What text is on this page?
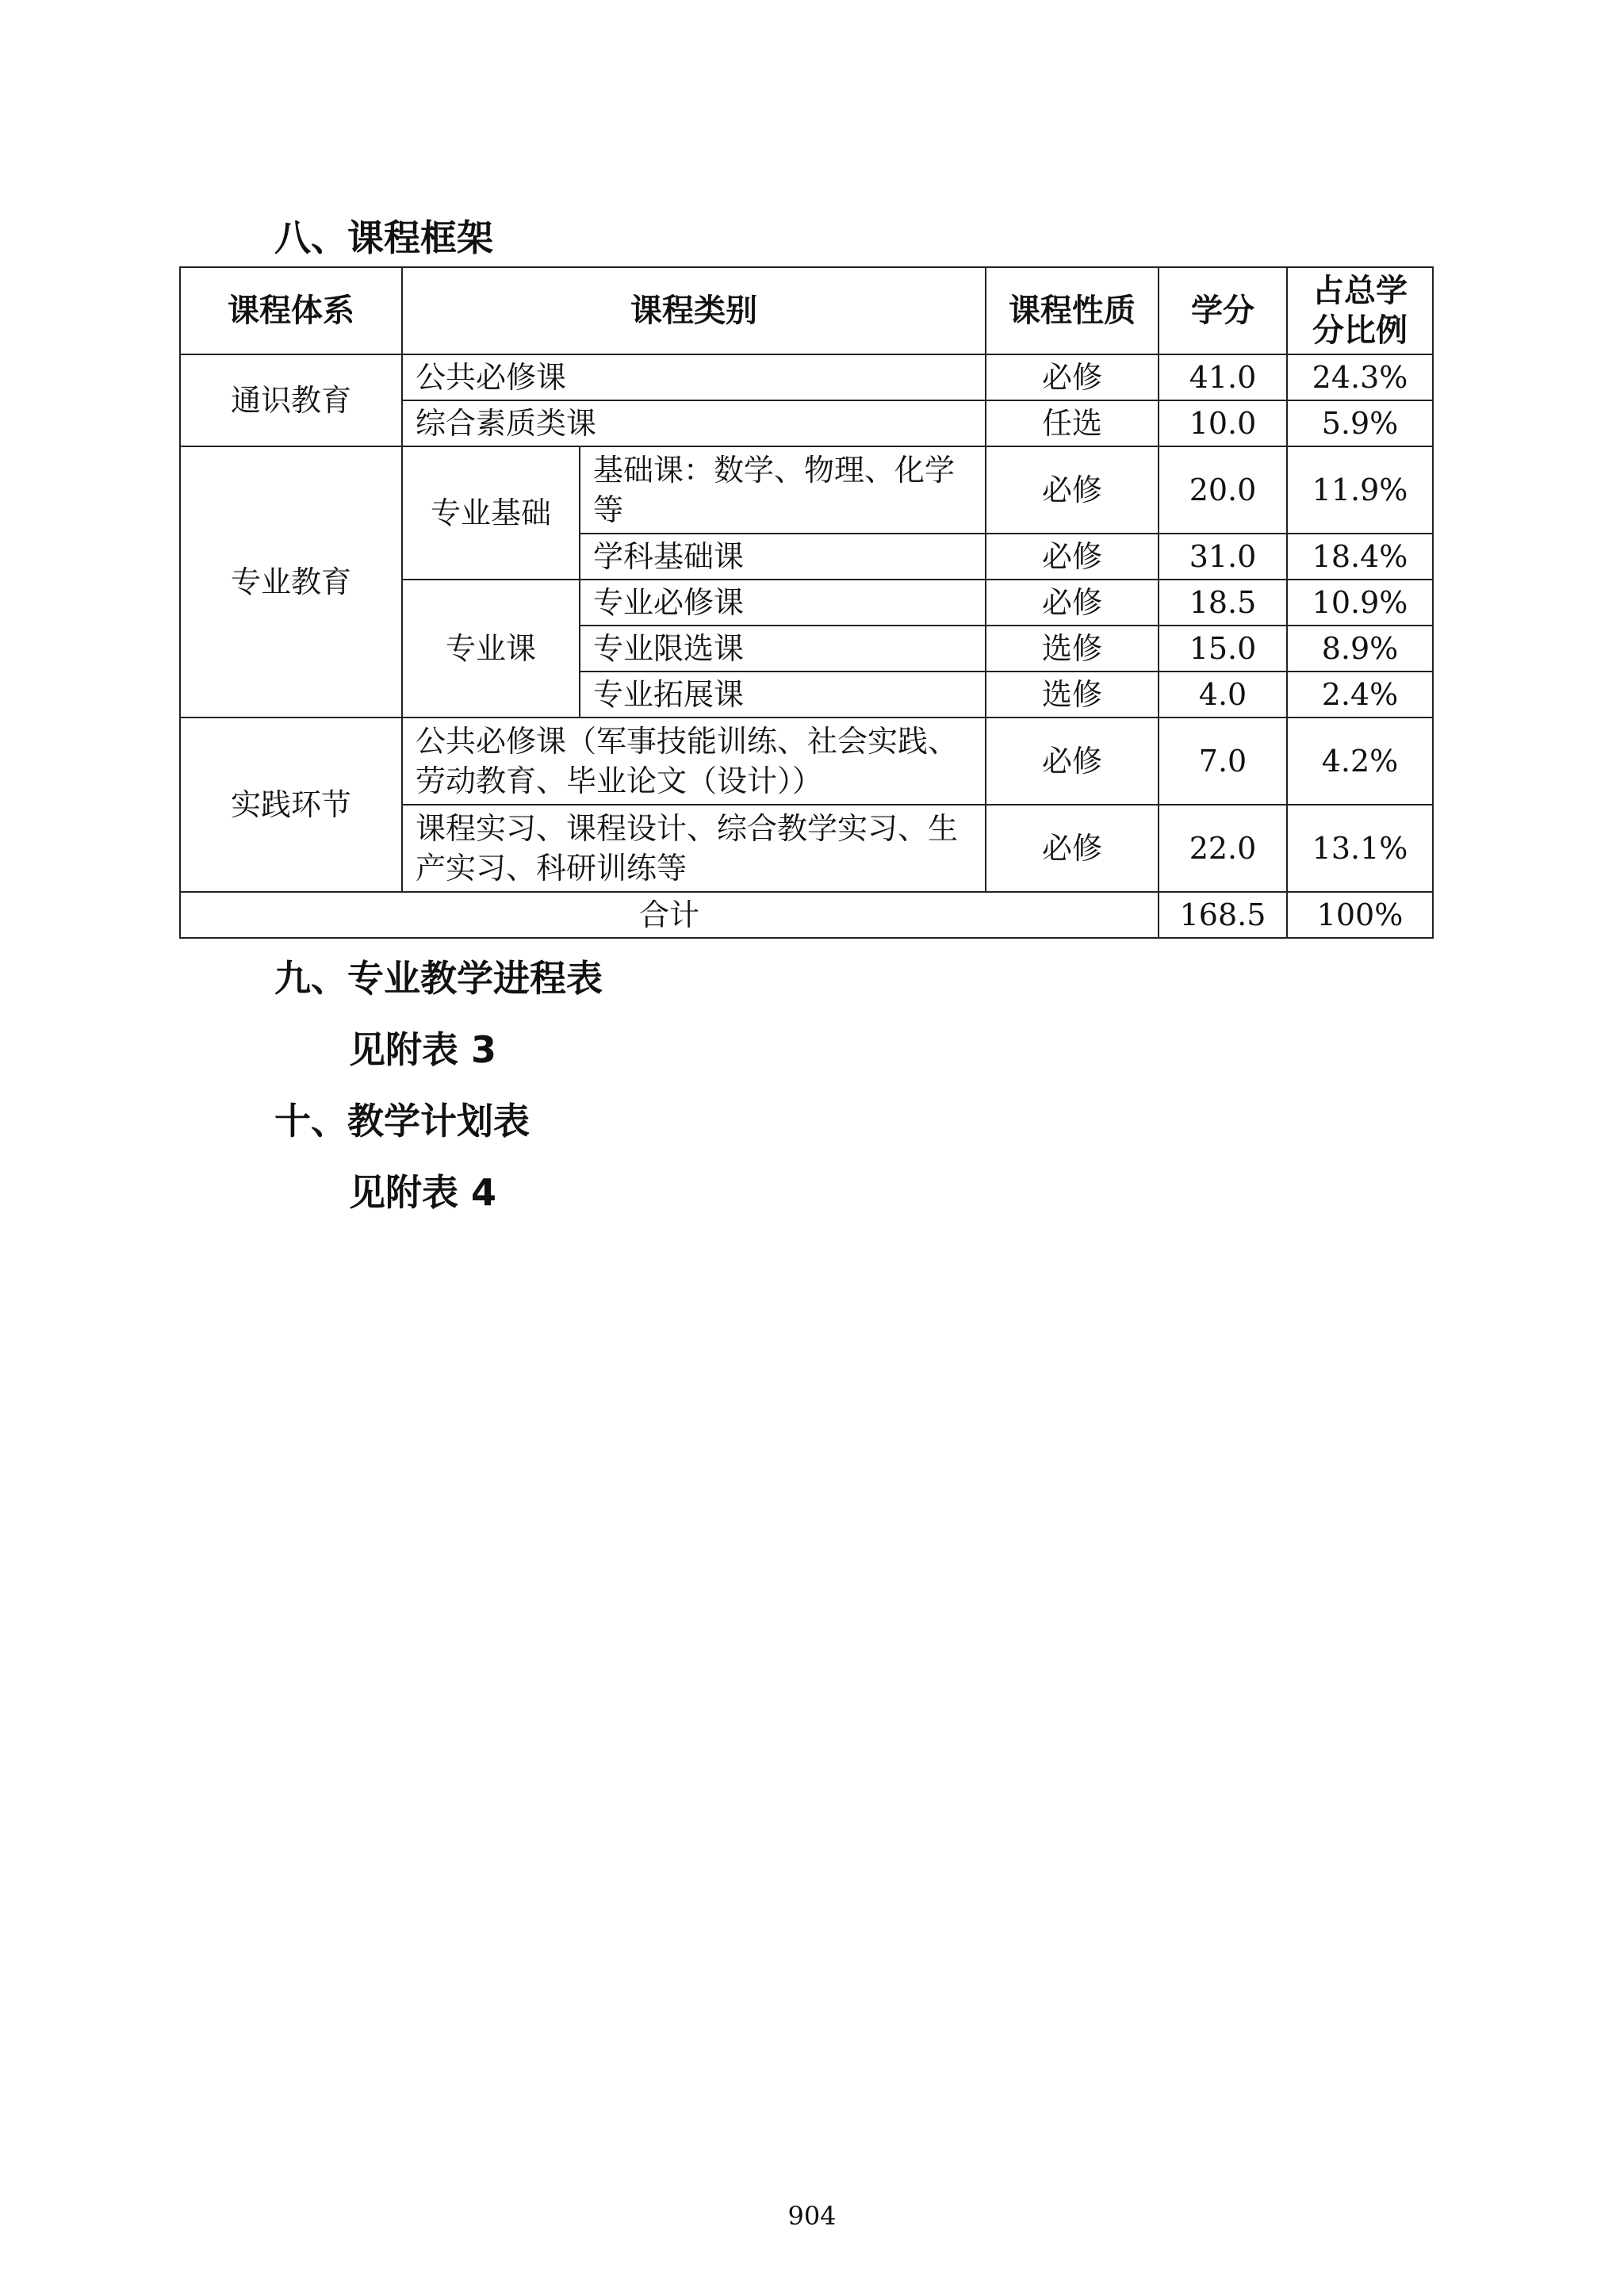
八、课程框架
课程体系	课程类别		课程性质	学分	占总学分比例
通识教育	公共必修课		必修	41.0	24.3%
	综合素质类课		任选	10.0	5.9%
专业教育	专业基础	基础课：数学、物理、化学等	必修	20.0	11.9%
		学科基础课	必修	31.0	18.4%
	专业课	专业必修课	必修	18.5	10.9%
		专业限选课	选修	15.0	8.9%
		专业拓展课	选修	4.0	2.4%
实践环节	公共必修课（军事技能训练、社会实践、劳动教育、毕业论文（设计））		必修	7.0	4.2%
	课程实习、课程设计、综合教学实习、生产实习、科研训练等		必修	22.0	13.1%
合计				168.5	100%
九、专业教学进程表
见附表 3
十、教学计划表
见附表 4
904
